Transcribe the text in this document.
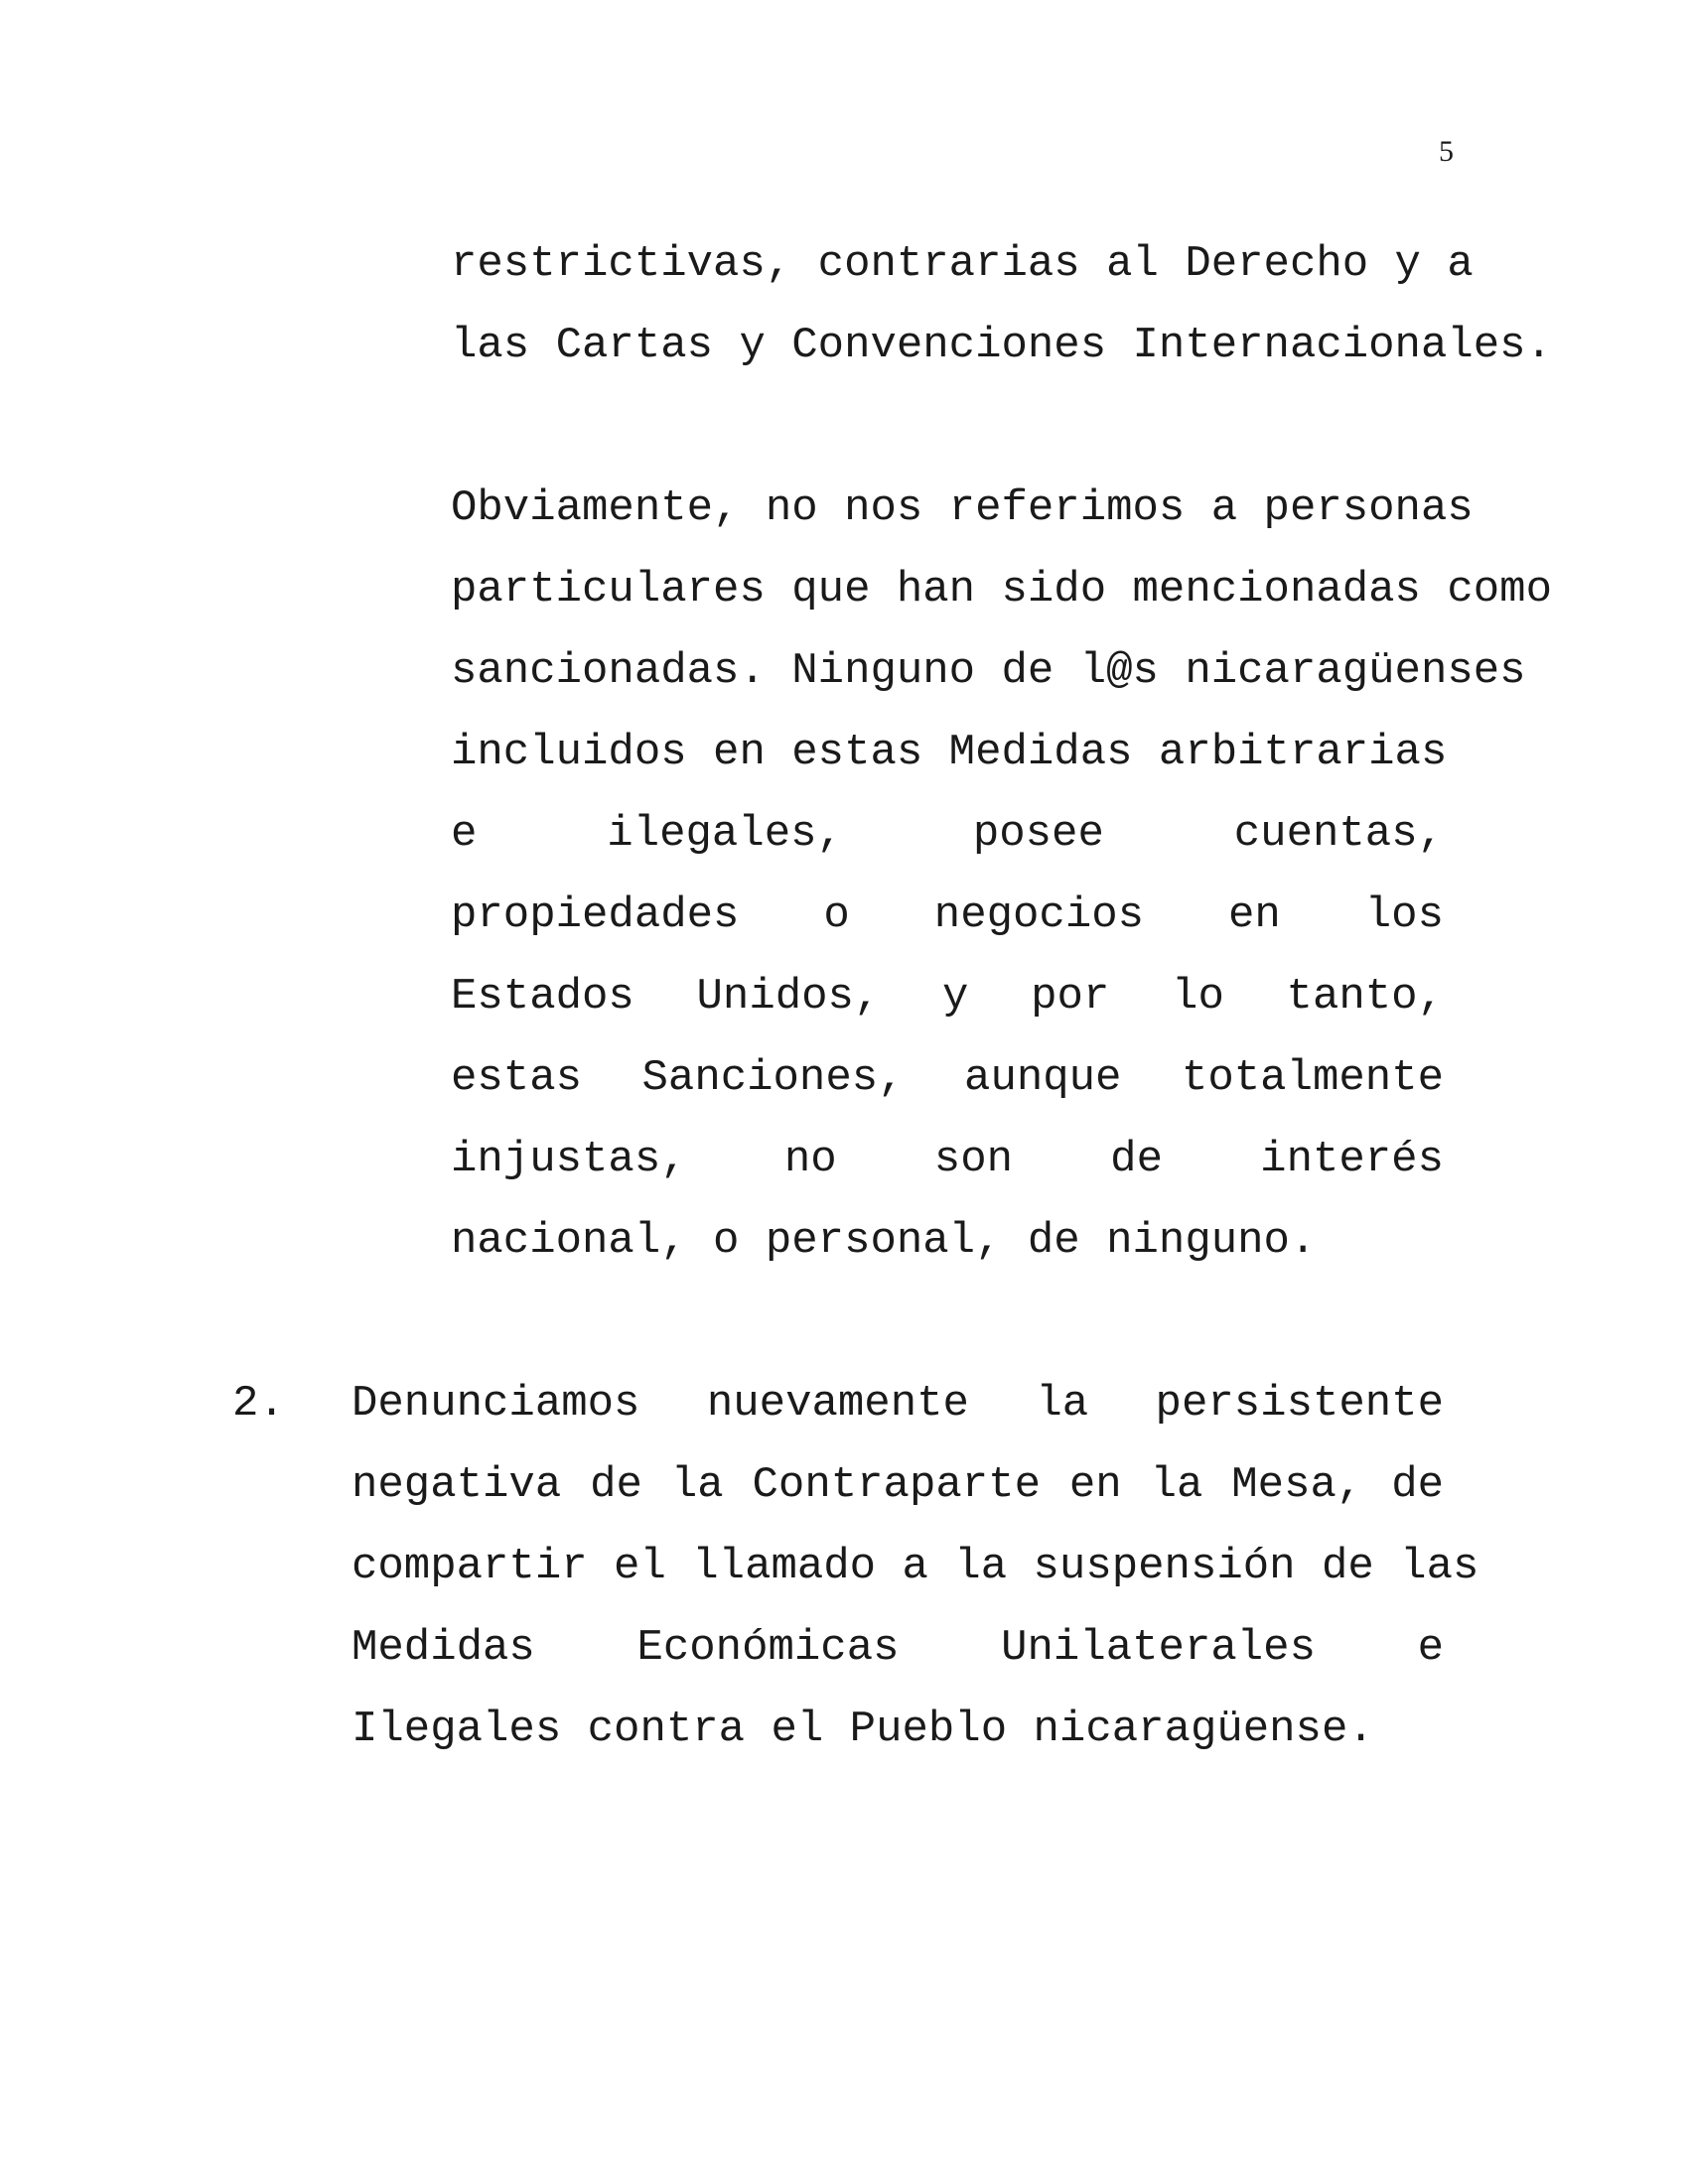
5
restrictivas, contrarias al Derecho y a
las Cartas y Convenciones Internacionales.
Obviamente, no nos referimos a personas
particulares que han sido mencionadas como
sancionadas. Ninguno de l@s nicaragüenses
incluidos en estas Medidas arbitrarias
e ilegales, posee cuentas,
propiedades o negocios en los
Estados Unidos, y por lo tanto,
estas Sanciones, aunque totalmente
injustas, no son de interés
nacional, o personal, de ninguno.
2. Denunciamos nuevamente la persistente
negativa de la Contraparte en la Mesa, de
compartir el llamado a la suspensión de las
Medidas Económicas Unilaterales e
Ilegales contra el Pueblo nicaragüense.
